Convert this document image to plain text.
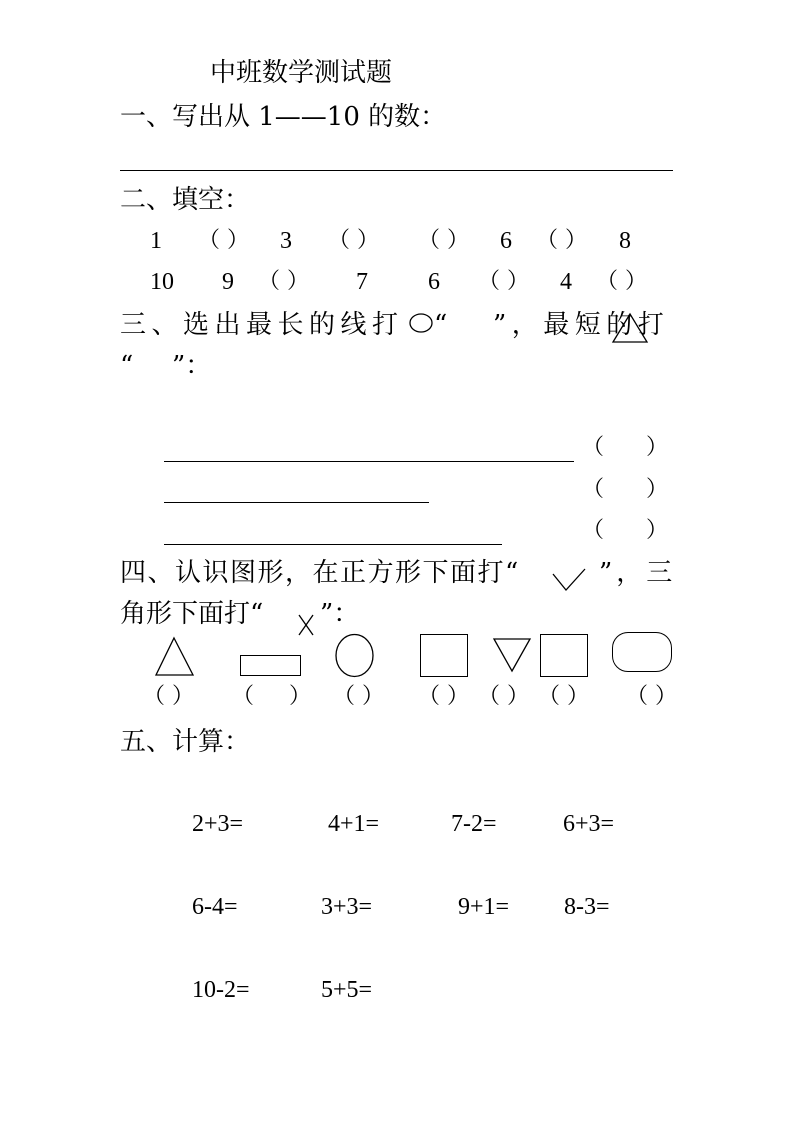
中班数学测试题
一、写出从 1——10 的数：
二、填空：
1 （ ） 3 （ ） （ ） 6 （ ） 8
10 9 （ ） 7	6 （ ） 4 （ ）
三、选出最长的线打 “ ”，最短的打
“ ”：
（ ）
（ ）
（ ）
四、认识图形，在正方形下面打“	”，三
角形下面打“ ”：
（ ） （ ） （ ） （ ） （ ） （ ） （ ）
五、计算：
2+3=	4+1=	7-2=	6+3=
6-4=	3+3=	9+1= 8-3=
10-2=	5+5=
